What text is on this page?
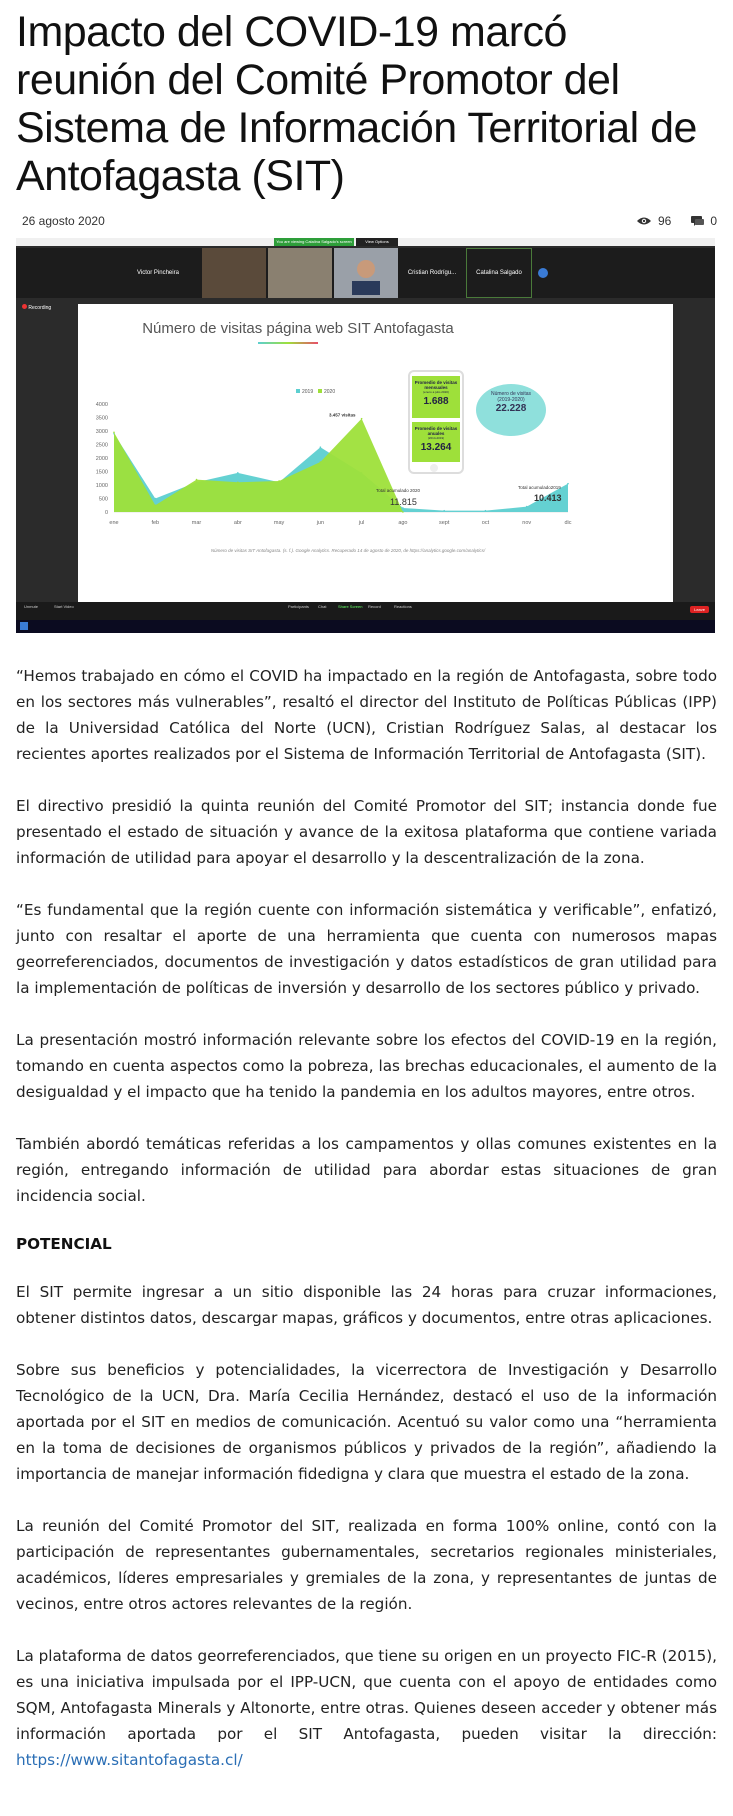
Impacto del COVID-19 marcó reunión del Comité Promotor del Sistema de Información Territorial de Antofagasta (SIT)
26 agosto 2020	96	0
You are viewing Catalina Salgado's screen	View Options
Victor Pincheira	Cristian Rodrígu...	Catalina Salgado
Recording
Número de visitas página web SIT Antofagasta
0
500
1000
1500
2000
2500
3000
3500
4000
ene	feb	mar	abr	may	jun	jul	ago	sept	oct	nov	dic
2019 2020
3.457 visitas
Total acumulado 2020
11.815
Total acumulado2019
10.413
Promedio de visitas mensuales
(enero a julio 2020)
1.688
Promedio de visitas anuales
(2014-2019)
13.264
Número de visitas
(2019-2020)
22.228
Número de visitas SIT Antofagasta. (s. f.). Google Analytics. Recuperado 14 de agosto de 2020, de https://analytics.google.com/analytics/
Unmute	Start Video	Participants Chat	Share Screen Record	Reactions
Leave

“Hemos trabajado en cómo el COVID ha impactado en la región de Antofagasta, sobre todo en los sectores más vulnerables”, resaltó el director del Instituto de Políticas Públicas (IPP) de la Universidad Católica del Norte (UCN), Cristian Rodríguez Salas, al destacar los recientes aportes realizados por el Sistema de Información Territorial de Antofagasta (SIT).

El directivo presidió la quinta reunión del Comité Promotor del SIT; instancia donde fue presentado el estado de situación y avance de la exitosa plataforma que contiene variada información de utilidad para apoyar el desarrollo y la descentralización de la zona.

“Es fundamental que la región cuente con información sistemática y verificable”, enfatizó, junto con resaltar el aporte de una herramienta que cuenta con numerosos mapas georreferenciados, documentos de investigación y datos estadísticos de gran utilidad para la implementación de políticas de inversión y desarrollo de los sectores público y privado.

La presentación mostró información relevante sobre los efectos del COVID-19 en la región, tomando en cuenta aspectos como la pobreza, las brechas educacionales, el aumento de la desigualdad y el impacto que ha tenido la pandemia en los adultos mayores, entre otros.

También abordó temáticas referidas a los campamentos y ollas comunes existentes en la región, entregando información de utilidad para abordar estas situaciones de gran incidencia social.

POTENCIAL

El SIT permite ingresar a un sitio disponible las 24 horas para cruzar informaciones, obtener distintos datos, descargar mapas, gráficos y documentos, entre otras aplicaciones.

Sobre sus beneficios y potencialidades, la vicerrectora de Investigación y Desarrollo Tecnológico de la UCN, Dra. María Cecilia Hernández, destacó el uso de la información aportada por el SIT en medios de comunicación. Acentuó su valor como una “herramienta en la toma de decisiones de organismos públicos y privados de la región”, añadiendo la importancia de manejar información fidedigna y clara que muestra el estado de la zona.

La reunión del Comité Promotor del SIT, realizada en forma 100% online, contó con la participación de representantes gubernamentales, secretarios regionales ministeriales, académicos, líderes empresariales y gremiales de la zona, y representantes de juntas de vecinos, entre otros actores relevantes de la región.

La plataforma de datos georreferenciados, que tiene su origen en un proyecto FIC-R (2015), es una iniciativa impulsada por el IPP-UCN, que cuenta con el apoyo de entidades como SQM, Antofagasta Minerals y Altonorte, entre otras. Quienes deseen acceder y obtener más información aportada por el SIT Antofagasta, pueden visitar la dirección: https://www.sitantofagasta.cl/
